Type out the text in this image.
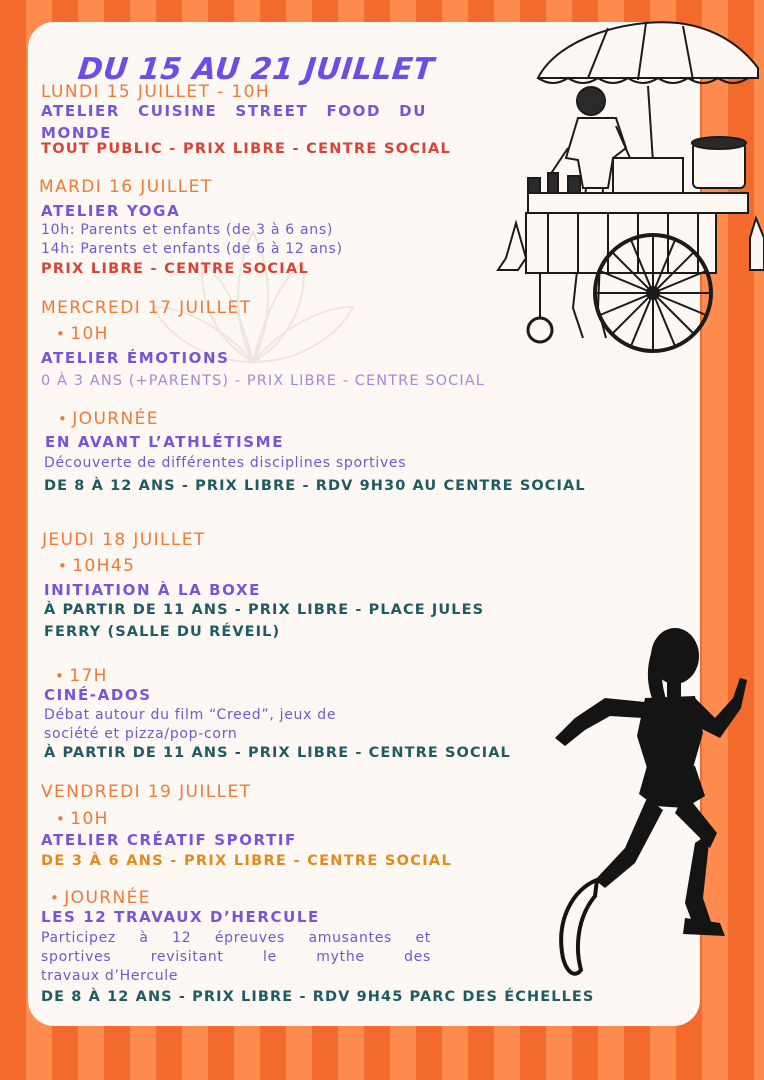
DU 15 AU 21 JUILLET
LUNDI 15 JUILLET - 10H
ATELIER CUISINE STREET FOOD DU
MONDE
TOUT PUBLIC - PRIX LIBRE - CENTRE SOCIAL
MARDI 16 JUILLET
ATELIER YOGA
10h: Parents et enfants (de 3 à 6 ans)
14h: Parents et enfants (de 6 à 12 ans)
PRIX LIBRE - CENTRE SOCIAL
MERCREDI 17 JUILLET
• 10H
ATELIER ÉMOTIONS
0 À 3 ANS (+PARENTS) - PRIX LIBRE - CENTRE SOCIAL
• JOURNÉE
EN AVANT L’ATHLÉTISME
Découverte de différentes disciplines sportives
DE 8 À 12 ANS - PRIX LIBRE - RDV 9H30 AU CENTRE SOCIAL
JEUDI 18 JUILLET
• 10H45
INITIATION À LA BOXE
À PARTIR DE 11 ANS - PRIX LIBRE - PLACE JULES
FERRY (SALLE DU RÉVEIL)
• 17H
CINÉ-ADOS
Débat autour du film “Creed”, jeux de
société et pizza/pop-corn
À PARTIR DE 11 ANS - PRIX LIBRE - CENTRE SOCIAL
VENDREDI 19 JUILLET
• 10H
ATELIER CRÉATIF SPORTIF
DE 3 À 6 ANS - PRIX LIBRE - CENTRE SOCIAL
• JOURNÉE
LES 12 TRAVAUX D’HERCULE
Participez à 12 épreuves amusantes et
sportives revisitant le mythe des
travaux d’Hercule
DE 8 À 12 ANS - PRIX LIBRE - RDV 9H45 PARC DES ÉCHELLES
